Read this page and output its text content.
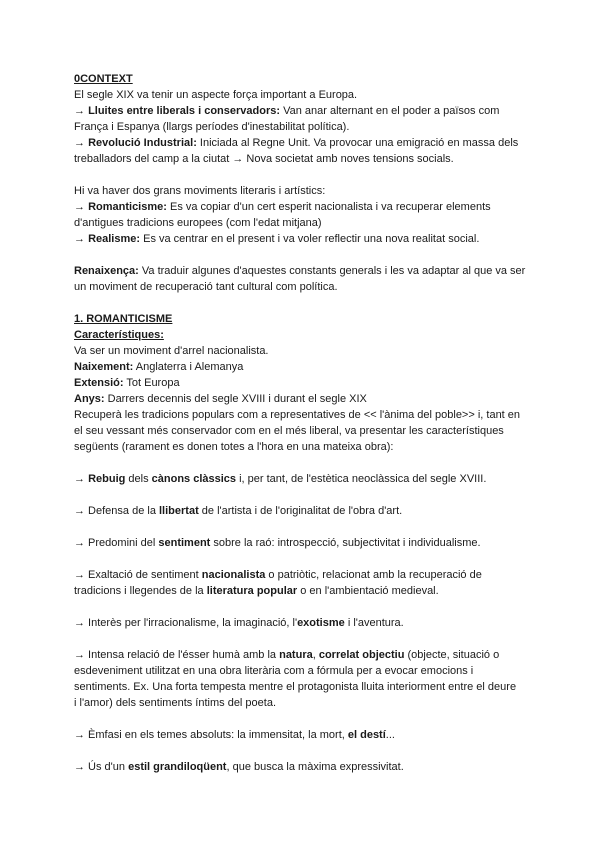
0CONTEXT

El segle XIX va tenir un aspecte força important a Europa.

→ Lluites entre liberals i conservadors: Van anar alternant en el poder a països com

França i Espanya (llargs períodes d'inestabilitat política).

→ Revolució Industrial: Iniciada al Regne Unit. Va provocar una emigració en massa dels

treballadors del camp a la ciutat → Nova societat amb noves tensions socials.

Hi va haver dos grans moviments literaris i artístics:

→ Romanticisme: Es va copiar d'un cert esperit nacionalista i va recuperar elements

d'antigues tradicions europees (com l'edat mitjana)

→ Realisme: Es va centrar en el present i va voler reflectir una nova realitat social.

Renaixença: Va traduir algunes d'aquestes constants generals i les va adaptar al que va ser

un moviment de recuperació tant cultural com política.

1. ROMANTICISME

Característiques:

Va ser un moviment d'arrel nacionalista.

Naixement: Anglaterra i Alemanya

Extensió: Tot Europa

Anys: Darrers decennis del segle XVIII i durant el segle XIX

Recuperà les tradicions populars com a representatives de << l'ànima del poble>> i, tant en

el seu vessant més conservador com en el més liberal, va presentar les característiques

següents (rarament es donen totes a l'hora en una mateixa obra):

→ Rebuig dels cànons clàssics i, per tant, de l'estètica neoclàssica del segle XVIII.

→ Defensa de la llibertat de l'artista i de l'originalitat de l'obra d'art.

→ Predomini del sentiment sobre la raó: introspecció, subjectivitat i individualisme.

→ Exaltació de sentiment nacionalista o patriòtic, relacionat amb la recuperació de

tradicions i llegendes de la literatura popular o en l'ambientació medieval.

→ Interès per l'irracionalisme, la imaginació, l'exotisme i l'aventura.

→ Intensa relació de l'ésser humà amb la natura, correlat objectiu (objecte, situació o

esdeveniment utilitzat en una obra literària com a fórmula per a evocar emocions i

sentiments. Ex. Una forta tempesta mentre el protagonista lluita interiorment entre el deure

i l'amor) dels sentiments íntims del poeta.

→ Èmfasi en els temes absoluts: la immensitat, la mort, el destí...

→ Ús d'un estil grandiloqüent, que busca la màxima expressivitat.
